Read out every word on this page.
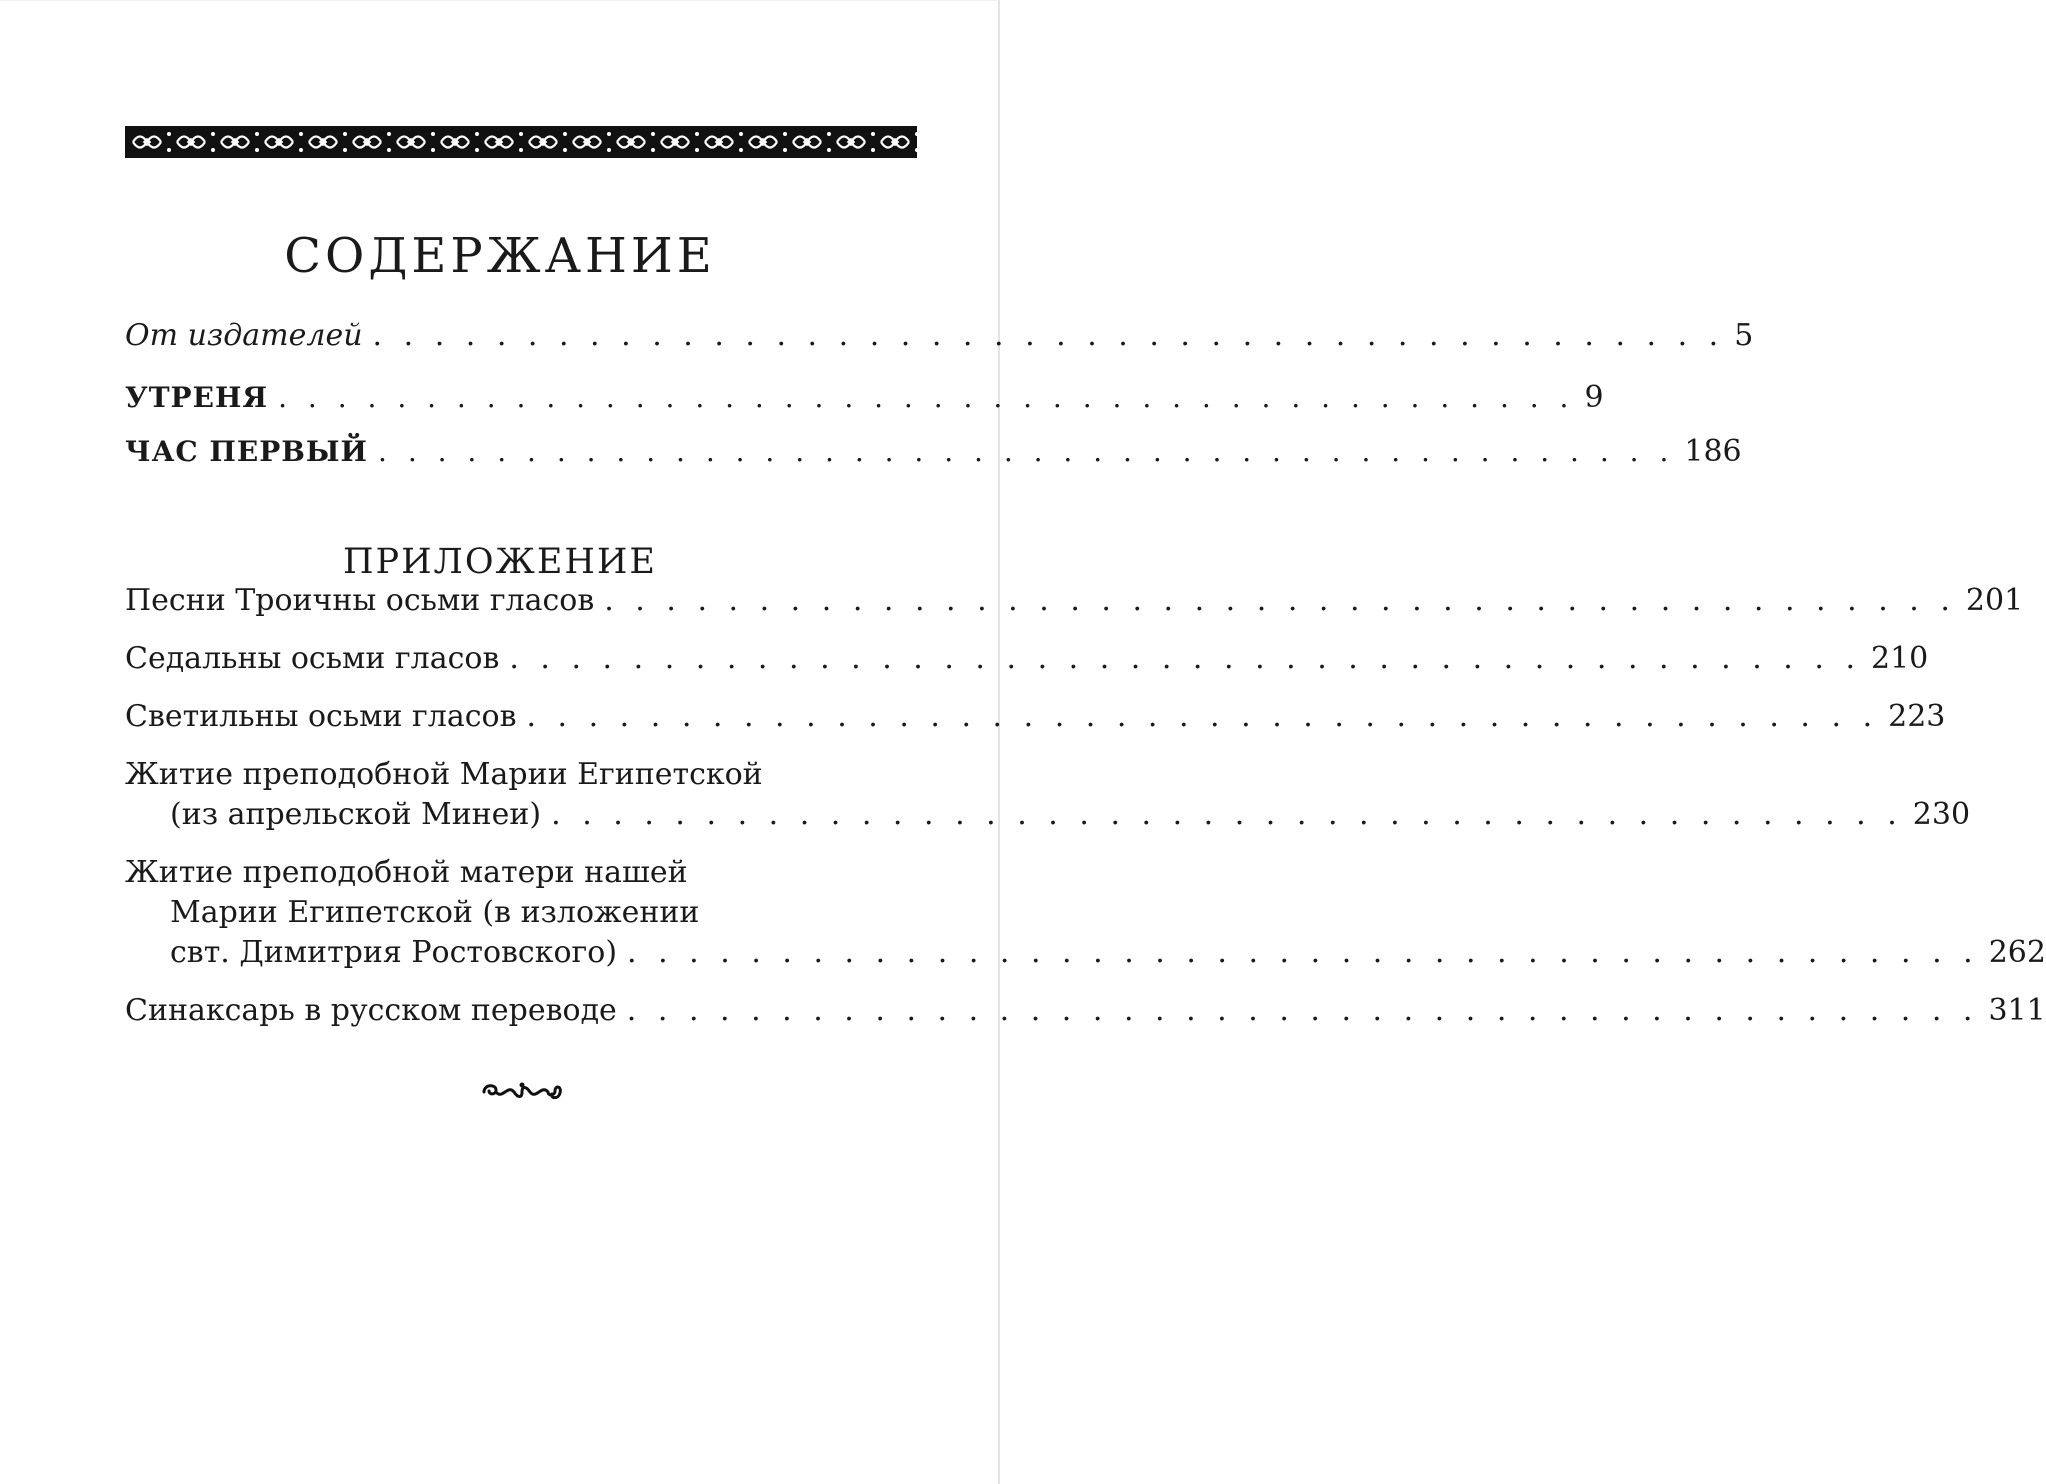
СОДЕРЖАНИЕ
От издателей . . . . . . . . . . . . . . . . . . . . . . . . . . . . . . . . . . . . . . . . . . . . 5
УТРЕНЯ . . . . . . . . . . . . . . . . . . . . . . . . . . . . . . . . . . . . . . . . . . . . 9
ЧАС ПЕРВЫЙ . . . . . . . . . . . . . . . . . . . . . . . . . . . . . . . . . . . . . . . . . . . . 186
ПРИЛОЖЕНИЕ
Песни Троичны осьми гласов . . . . . . . . . . . . . . . . . . . . . . . . . . . . . . . . . . . . . . . . . . . . 201
Седальны осьми гласов . . . . . . . . . . . . . . . . . . . . . . . . . . . . . . . . . . . . . . . . . . . . 210
Светильны осьми гласов . . . . . . . . . . . . . . . . . . . . . . . . . . . . . . . . . . . . . . . . . . . . 223
Житие преподобной Марии Египетской
(из апрельской Минеи) . . . . . . . . . . . . . . . . . . . . . . . . . . . . . . . . . . . . . . . . . . . . 230
Житие преподобной матери нашей
Марии Египетской (в изложении
свт. Димитрия Ростовского) . . . . . . . . . . . . . . . . . . . . . . . . . . . . . . . . . . . . . . . . . . . . 262
Синаксарь в русском переводе . . . . . . . . . . . . . . . . . . . . . . . . . . . . . . . . . . . . . . . . . . . . 311
